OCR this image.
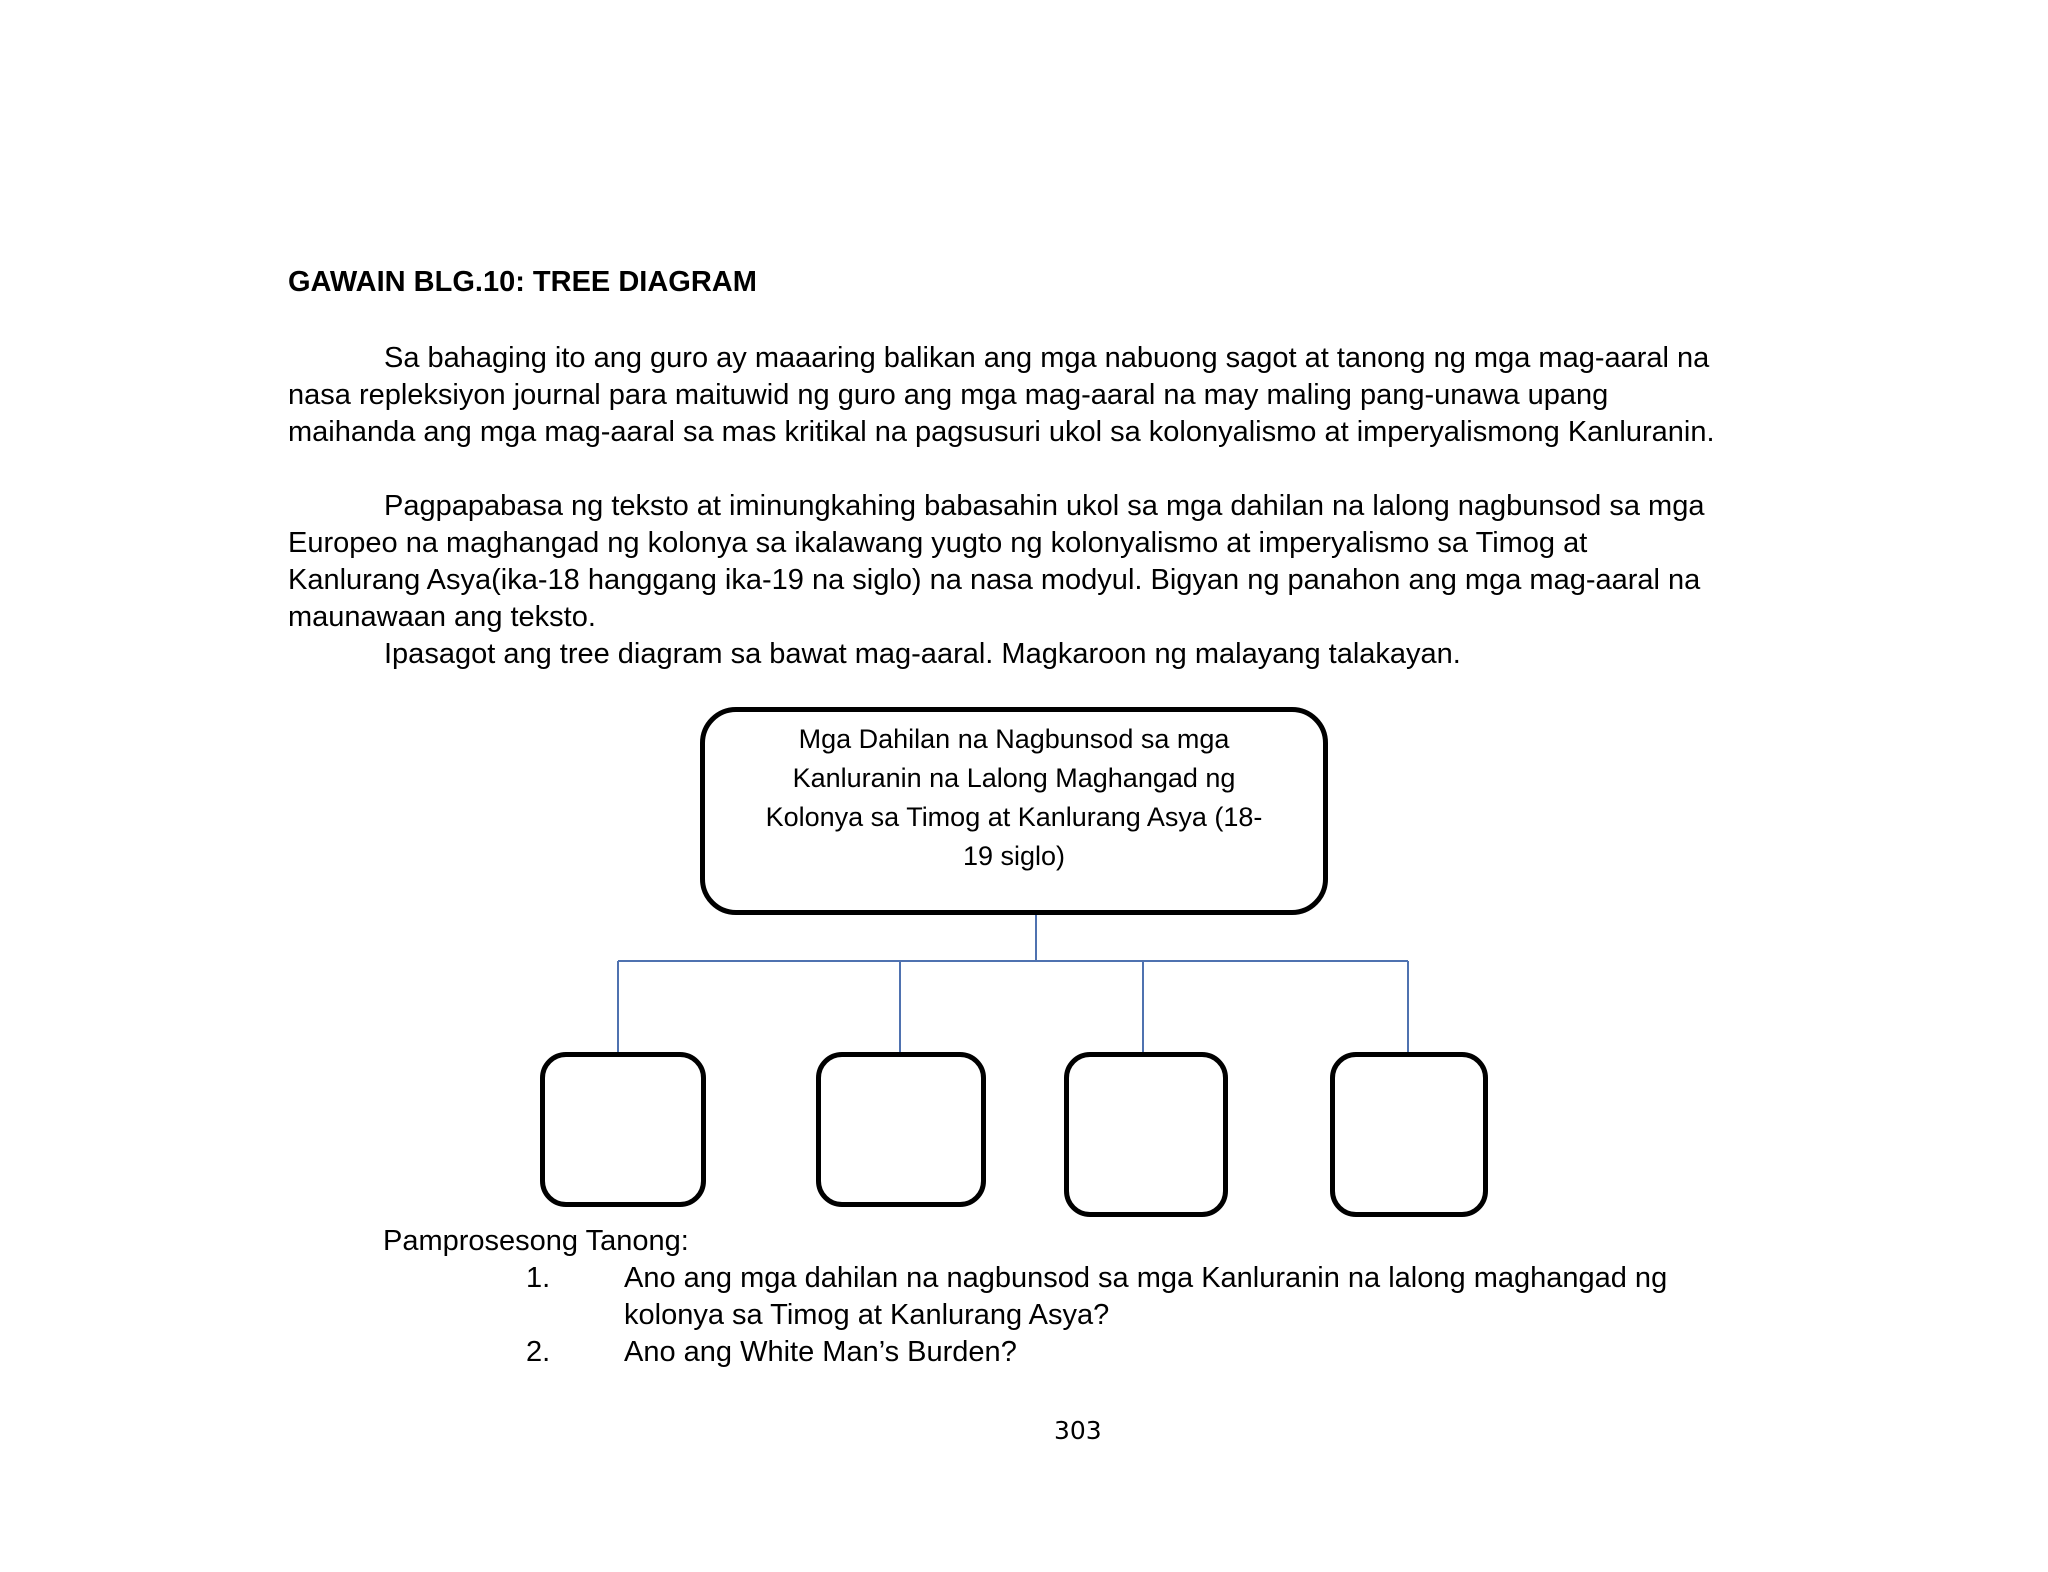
GAWAIN BLG.10: TREE DIAGRAM

Sa bahaging ito ang guro ay maaaring balikan ang mga nabuong sagot at tanong ng mga mag-aaral na
nasa repleksiyon journal para maituwid ng guro ang mga mag-aaral na may maling pang-unawa upang
maihanda ang mga mag-aaral sa mas kritikal na pagsusuri ukol sa kolonyalismo at imperyalismong Kanluranin.

Pagpapabasa ng teksto at iminungkahing babasahin ukol sa mga dahilan na lalong nagbunsod sa mga
Europeo na maghangad ng kolonya sa ikalawang yugto ng kolonyalismo at imperyalismo sa Timog at
Kanlurang Asya(ika-18 hanggang ika-19 na siglo) na nasa modyul. Bigyan ng panahon ang mga mag-aaral na
maunawaan ang teksto.

Ipasagot ang tree diagram sa bawat mag-aaral. Magkaroon ng malayang talakayan.

Mga Dahilan na Nagbunsod sa mga
Kanluranin na Lalong Maghangad ng
Kolonya sa Timog at Kanlurang Asya (18-
19 siglo)

Pamprosesong Tanong:

1.	Ano ang mga dahilan na nagbunsod sa mga Kanluranin na lalong maghangad ng
kolonya sa Timog at Kanlurang Asya?
2.	Ano ang White Man’s Burden?

303
